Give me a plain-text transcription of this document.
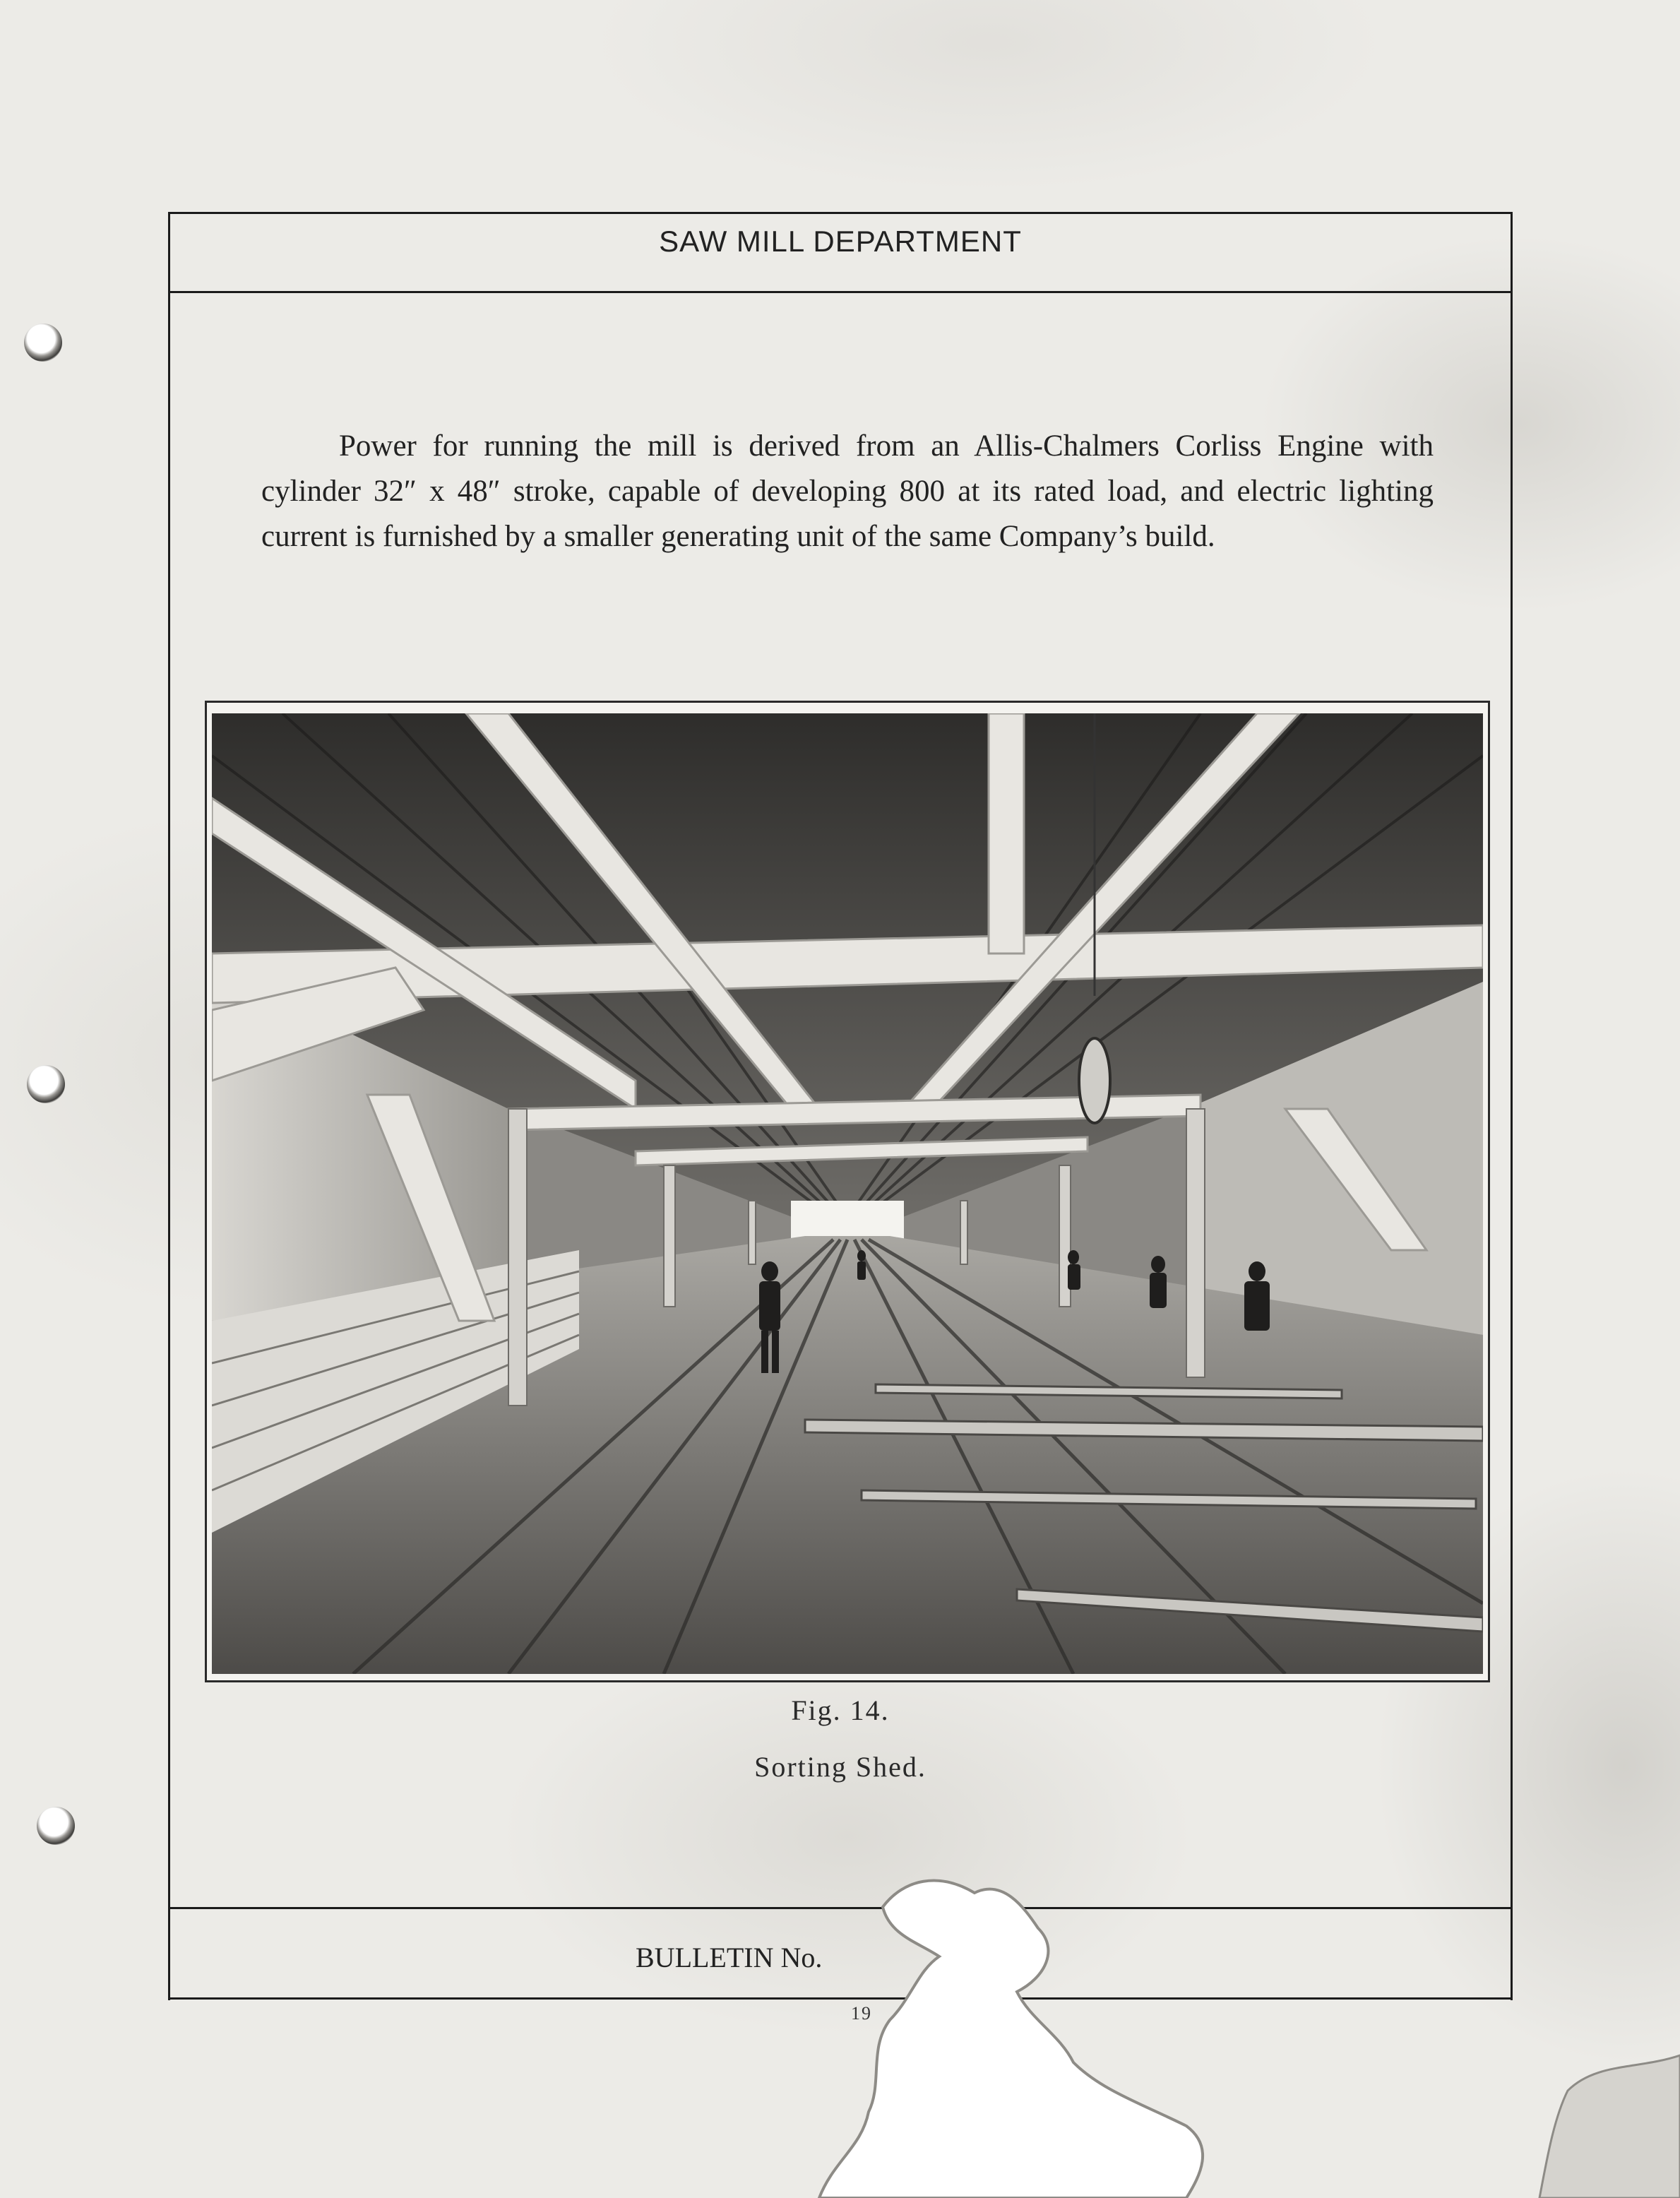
SAW MILL DEPARTMENT

Power for running the mill is derived from an Allis-Chalmers Corliss Engine with cylinder 32″ x 48″ stroke, capable of developing 800 at its rated load, and electric lighting current is furnished by a smaller generating unit of the same Company’s build.

Fig. 14.
Sorting Shed.
BULLETIN No.
19
